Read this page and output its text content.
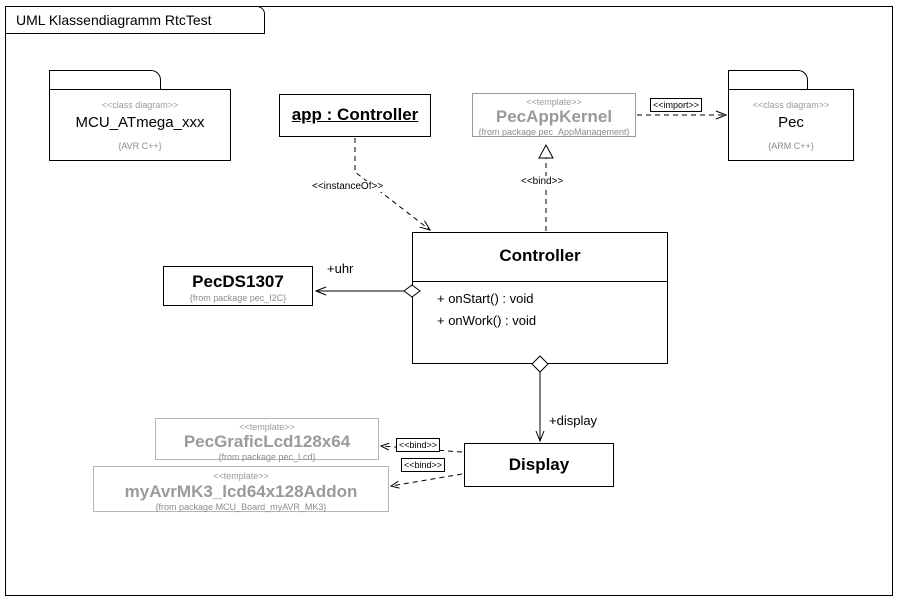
UML Klassendiagramm RtcTest
<<class diagram>>
MCU_ATmega_xxx
{AVR C++}
<<class diagram>>
Pec
{ARM C++}
app : Controller
<<template>>
PecAppKernel
{from package pec_AppManagement}
Controller
+ onStart() : void
+ onWork() : void
PecDS1307
{from package pec_I2C}
Display
<<template>>
PecGraficLcd128x64
{from package pec_Lcd}
<<template>>
myAvrMK3_lcd64x128Addon
{from package MCU_Board_myAVR_MK3}
<<instanceOf>>	<<bind>>
<<import>>
<<bind>>
<<bind>>
+uhr
+display
